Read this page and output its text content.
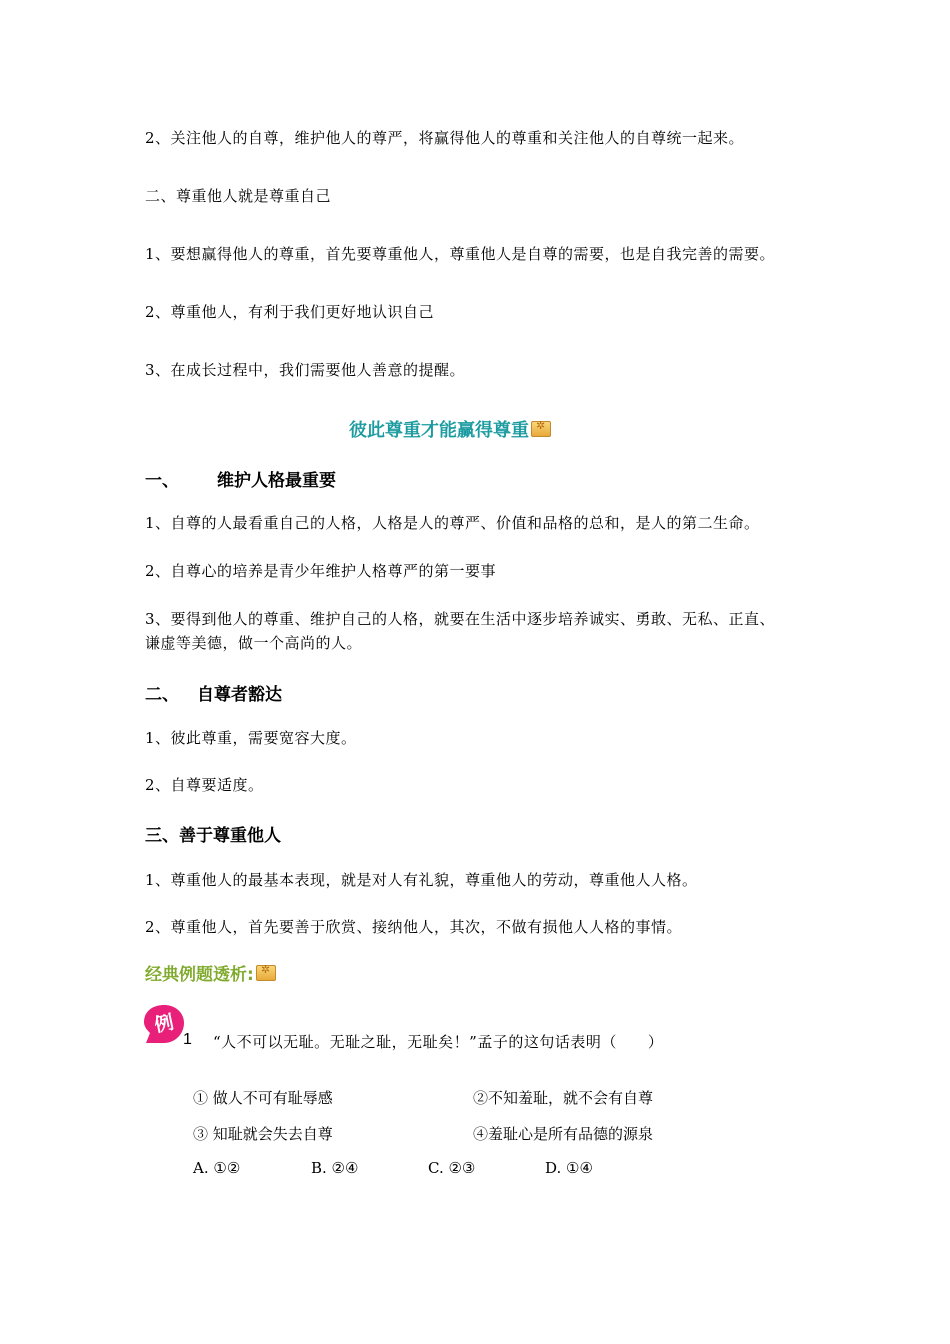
2、关注他人的自尊，维护他人的尊严，将赢得他人的尊重和关注他人的自尊统一起来。
二、尊重他人就是尊重自己
1、要想赢得他人的尊重，首先要尊重他人，尊重他人是自尊的需要，也是自我完善的需要。
2、尊重他人，有利于我们更好地认识自己
3、在成长过程中，我们需要他人善意的提醒。
彼此尊重才能赢得尊重✲
一、 维护人格最重要
1、自尊的人最看重自己的人格，人格是人的尊严、价值和品格的总和，是人的第二生命。
2、自尊心的培养是青少年维护人格尊严的第一要事
3、要得到他人的尊重、维护自己的人格，就要在生活中逐步培养诚实、勇敢、无私、正直、
谦虚等美德，做一个高尚的人。
二、 自尊者豁达
1、彼此尊重，需要宽容大度。
2、自尊要适度。
三、善于尊重他人
1、尊重他人的最基本表现，就是对人有礼貌，尊重他人的劳动，尊重他人人格。
2、尊重他人，首先要善于欣赏、接纳他人，其次，不做有损他人人格的事情。
经典例题透析:✲
例
1 “人不可以无耻。无耻之耻，无耻矣！”孟子的这句话表明（　　）
① 做人不可有耻辱感	②不知羞耻，就不会有自尊
③ 知耻就会失去自尊	④羞耻心是所有品德的源泉
A. ①②	B. ②④	C. ②③	D. ①④
